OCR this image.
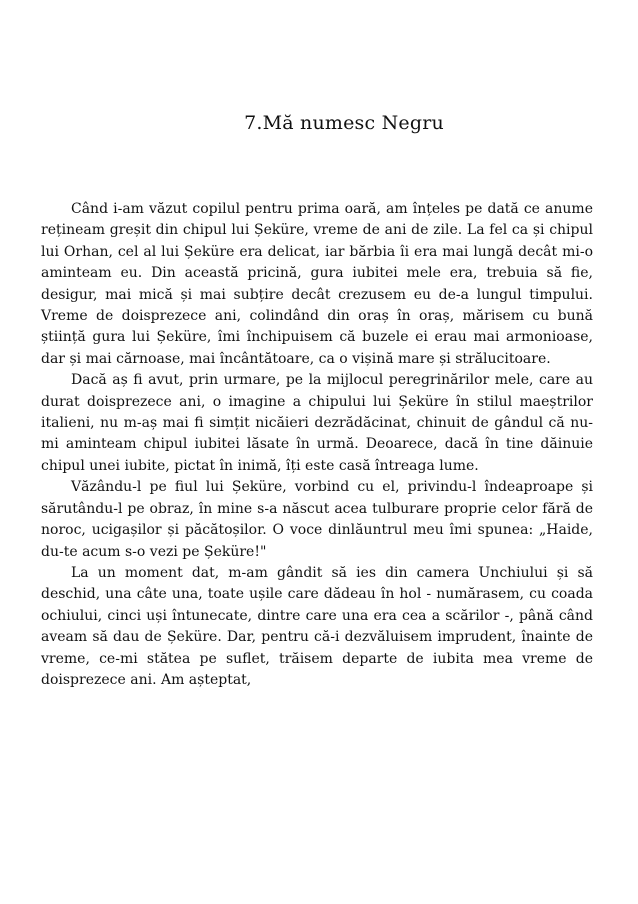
7.Mă numesc Negru

Când i-am văzut copilul pentru prima oară, am înțeles pe dată ce anume rețineam greșit din chipul lui Șeküre, vreme de ani de zile. La fel ca și chipul lui Orhan, cel al lui Șeküre era delicat, iar bărbia îi era mai lungă decât mi-o aminteam eu. Din această pricină, gura iubitei mele era, trebuia să fie, desigur, mai mică și mai subțire decât crezusem eu de-a lungul timpului. Vreme de doisprezece ani, colindând din oraș în oraș, mărisem cu bună știință gura lui Șeküre, îmi închipuisem că buzele ei erau mai armonioase, dar și mai cărnoase, mai încântătoare, ca o vișină mare și strălucitoare.

Dacă aș fi avut, prin urmare, pe la mijlocul peregrinărilor mele, care au durat doisprezece ani, o imagine a chipului lui Șeküre în stilul maeștrilor italieni, nu m-aș mai fi simțit nicăieri dezrădăcinat, chinuit de gândul că nu-mi aminteam chipul iubitei lăsate în urmă. Deoarece, dacă în tine dăinuie chipul unei iubite, pictat în inimă, îți este casă întreaga lume.

Văzându-l pe fiul lui Șeküre, vorbind cu el, privindu-l îndeaproape și sărutându-l pe obraz, în mine s-a născut acea tulburare proprie celor fără de noroc, ucigașilor și păcătoșilor. O voce dinlăuntrul meu îmi spunea: „Haide, du-te acum s-o vezi pe Șeküre!"

La un moment dat, m-am gândit să ies din camera Unchiului și să deschid, una câte una, toate ușile care dădeau în hol - numărasem, cu coada ochiului, cinci uși întunecate, dintre care una era cea a scărilor -, până când aveam să dau de Șeküre. Dar, pentru că-i dezvăluisem imprudent, înainte de vreme, ce-mi stătea pe suflet, trăisem departe de iubita mea vreme de doisprezece ani. Am așteptat,
